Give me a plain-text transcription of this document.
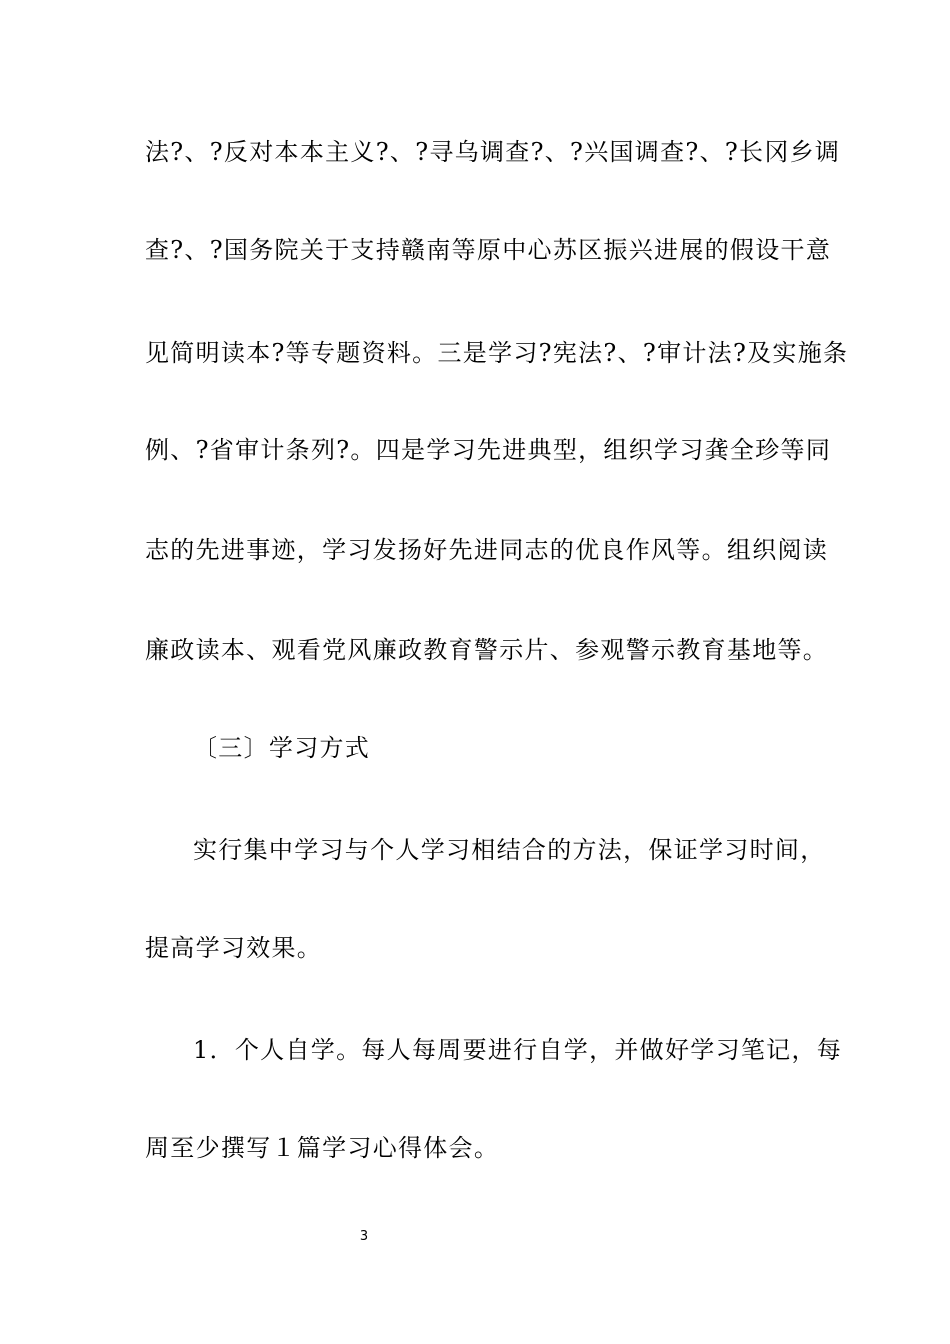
法?、?反对本本主义?、?寻乌调查?、?兴国调查?、?长冈乡调
查?、?国务院关于支持赣南等原中心苏区振兴进展的假设干意
见简明读本?等专题资料。三是学习?宪法?、?审计法?及实施条
例、?省审计条列?。四是学习先进典型，组织学习龚全珍等同
志的先进事迹，学习发扬好先进同志的优良作风等。组织阅读
廉政读本、观看党风廉政教育警示片、参观警示教育基地等。
〔三〕学习方式
实行集中学习与个人学习相结合的方法，保证学习时间，
提高学习效果。
1．个人自学。每人每周要进行自学，并做好学习笔记，每
周至少撰写１篇学习心得体会。
3
